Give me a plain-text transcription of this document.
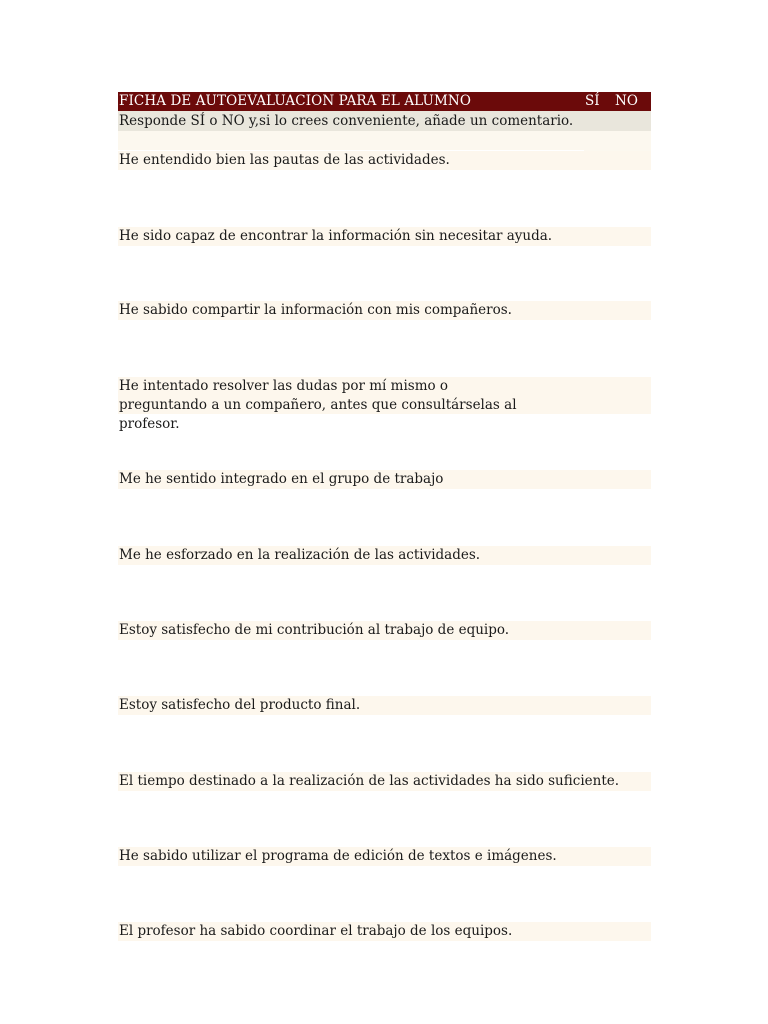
FICHA DE AUTOEVALUACION PARA EL ALUMNO	SÍ NO
Responde SÍ o NO y,si lo crees conveniente, añade un comentario.
He entendido bien las pautas de las actividades.
He sido capaz de encontrar la información sin necesitar ayuda.
He sabido compartir la información con mis compañeros.
He intentado resolver las dudas por mí mismo o preguntando a un compañero, antes que consultárselas al profesor.
Me he sentido integrado en el grupo de trabajo
Me he esforzado en la realización de las actividades.
Estoy satisfecho de mi contribución al trabajo de equipo.
Estoy satisfecho del producto final.
El tiempo destinado a la realización de las actividades ha sido suficiente.
He sabido utilizar el programa de edición de textos e imágenes.
El profesor ha sabido coordinar el trabajo de los equipos.
